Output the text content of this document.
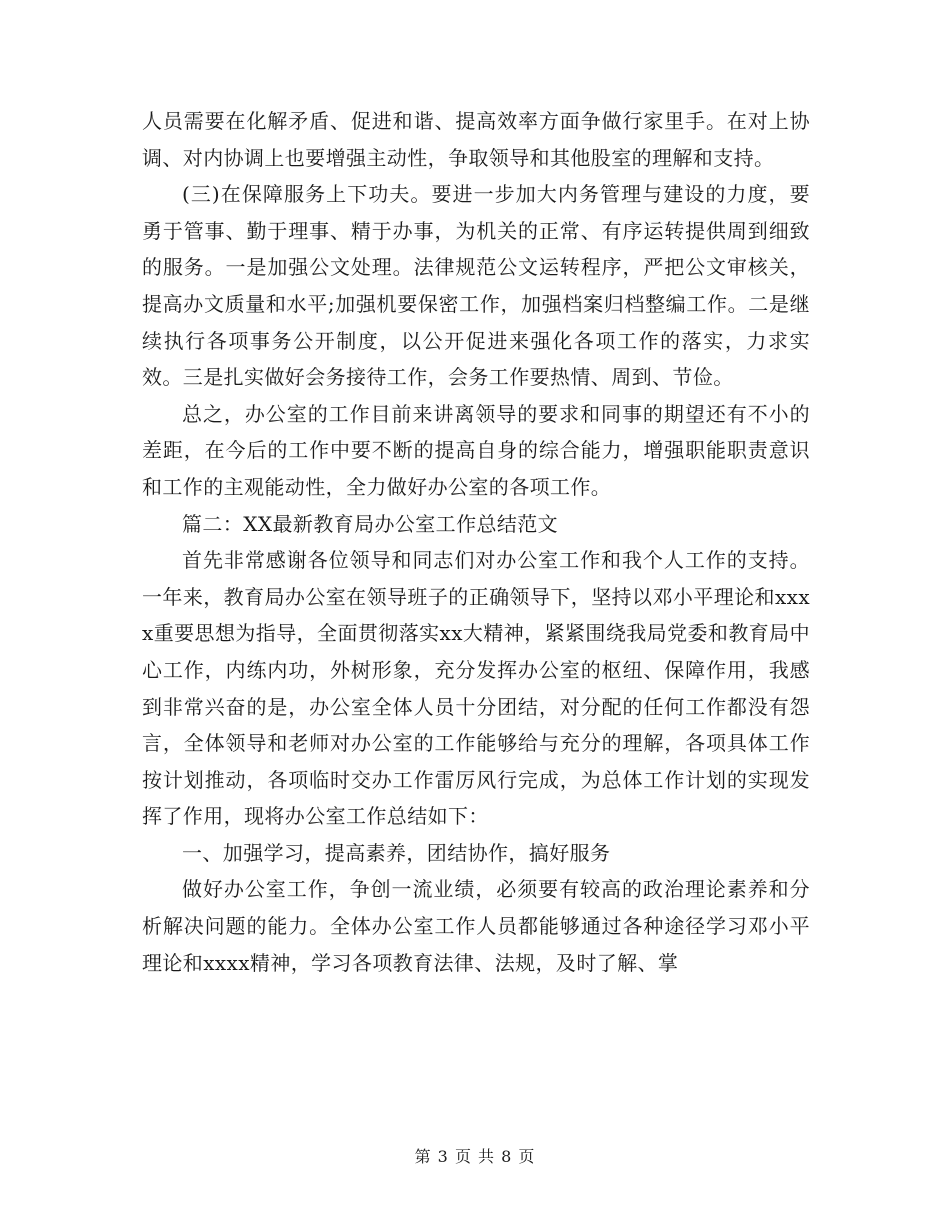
人员需要在化解矛盾、促进和谐、提高效率方面争做行家里手。在对上协调、对内协调上也要增强主动性，争取领导和其他股室的理解和支持。

(三)在保障服务上下功夫。要进一步加大内务管理与建设的力度，要勇于管事、勤于理事、精于办事，为机关的正常、有序运转提供周到细致的服务。一是加强公文处理。法律规范公文运转程序，严把公文审核关，提高办文质量和水平;加强机要保密工作，加强档案归档整编工作。二是继续执行各项事务公开制度，以公开促进来强化各项工作的落实，力求实效。三是扎实做好会务接待工作，会务工作要热情、周到、节俭。

总之，办公室的工作目前来讲离领导的要求和同事的期望还有不小的差距，在今后的工作中要不断的提高自身的综合能力，增强职能职责意识和工作的主观能动性，全力做好办公室的各项工作。

篇二：XX最新教育局办公室工作总结范文

首先非常感谢各位领导和同志们对办公室工作和我个人工作的支持。一年来，教育局办公室在领导班子的正确领导下，坚持以邓小平理论和xxxx重要思想为指导，全面贯彻落实xx大精神，紧紧围绕我局党委和教育局中心工作，内练内功，外树形象，充分发挥办公室的枢纽、保障作用，我感到非常兴奋的是，办公室全体人员十分团结，对分配的任何工作都没有怨言，全体领导和老师对办公室的工作能够给与充分的理解，各项具体工作按计划推动，各项临时交办工作雷厉风行完成，为总体工作计划的实现发挥了作用，现将办公室工作总结如下：

一、加强学习，提高素养，团结协作，搞好服务

做好办公室工作，争创一流业绩，必须要有较高的政治理论素养和分析解决问题的能力。全体办公室工作人员都能够通过各种途径学习邓小平理论和xxxx精神，学习各项教育法律、法规，及时了解、掌

第 3 页 共 8 页
